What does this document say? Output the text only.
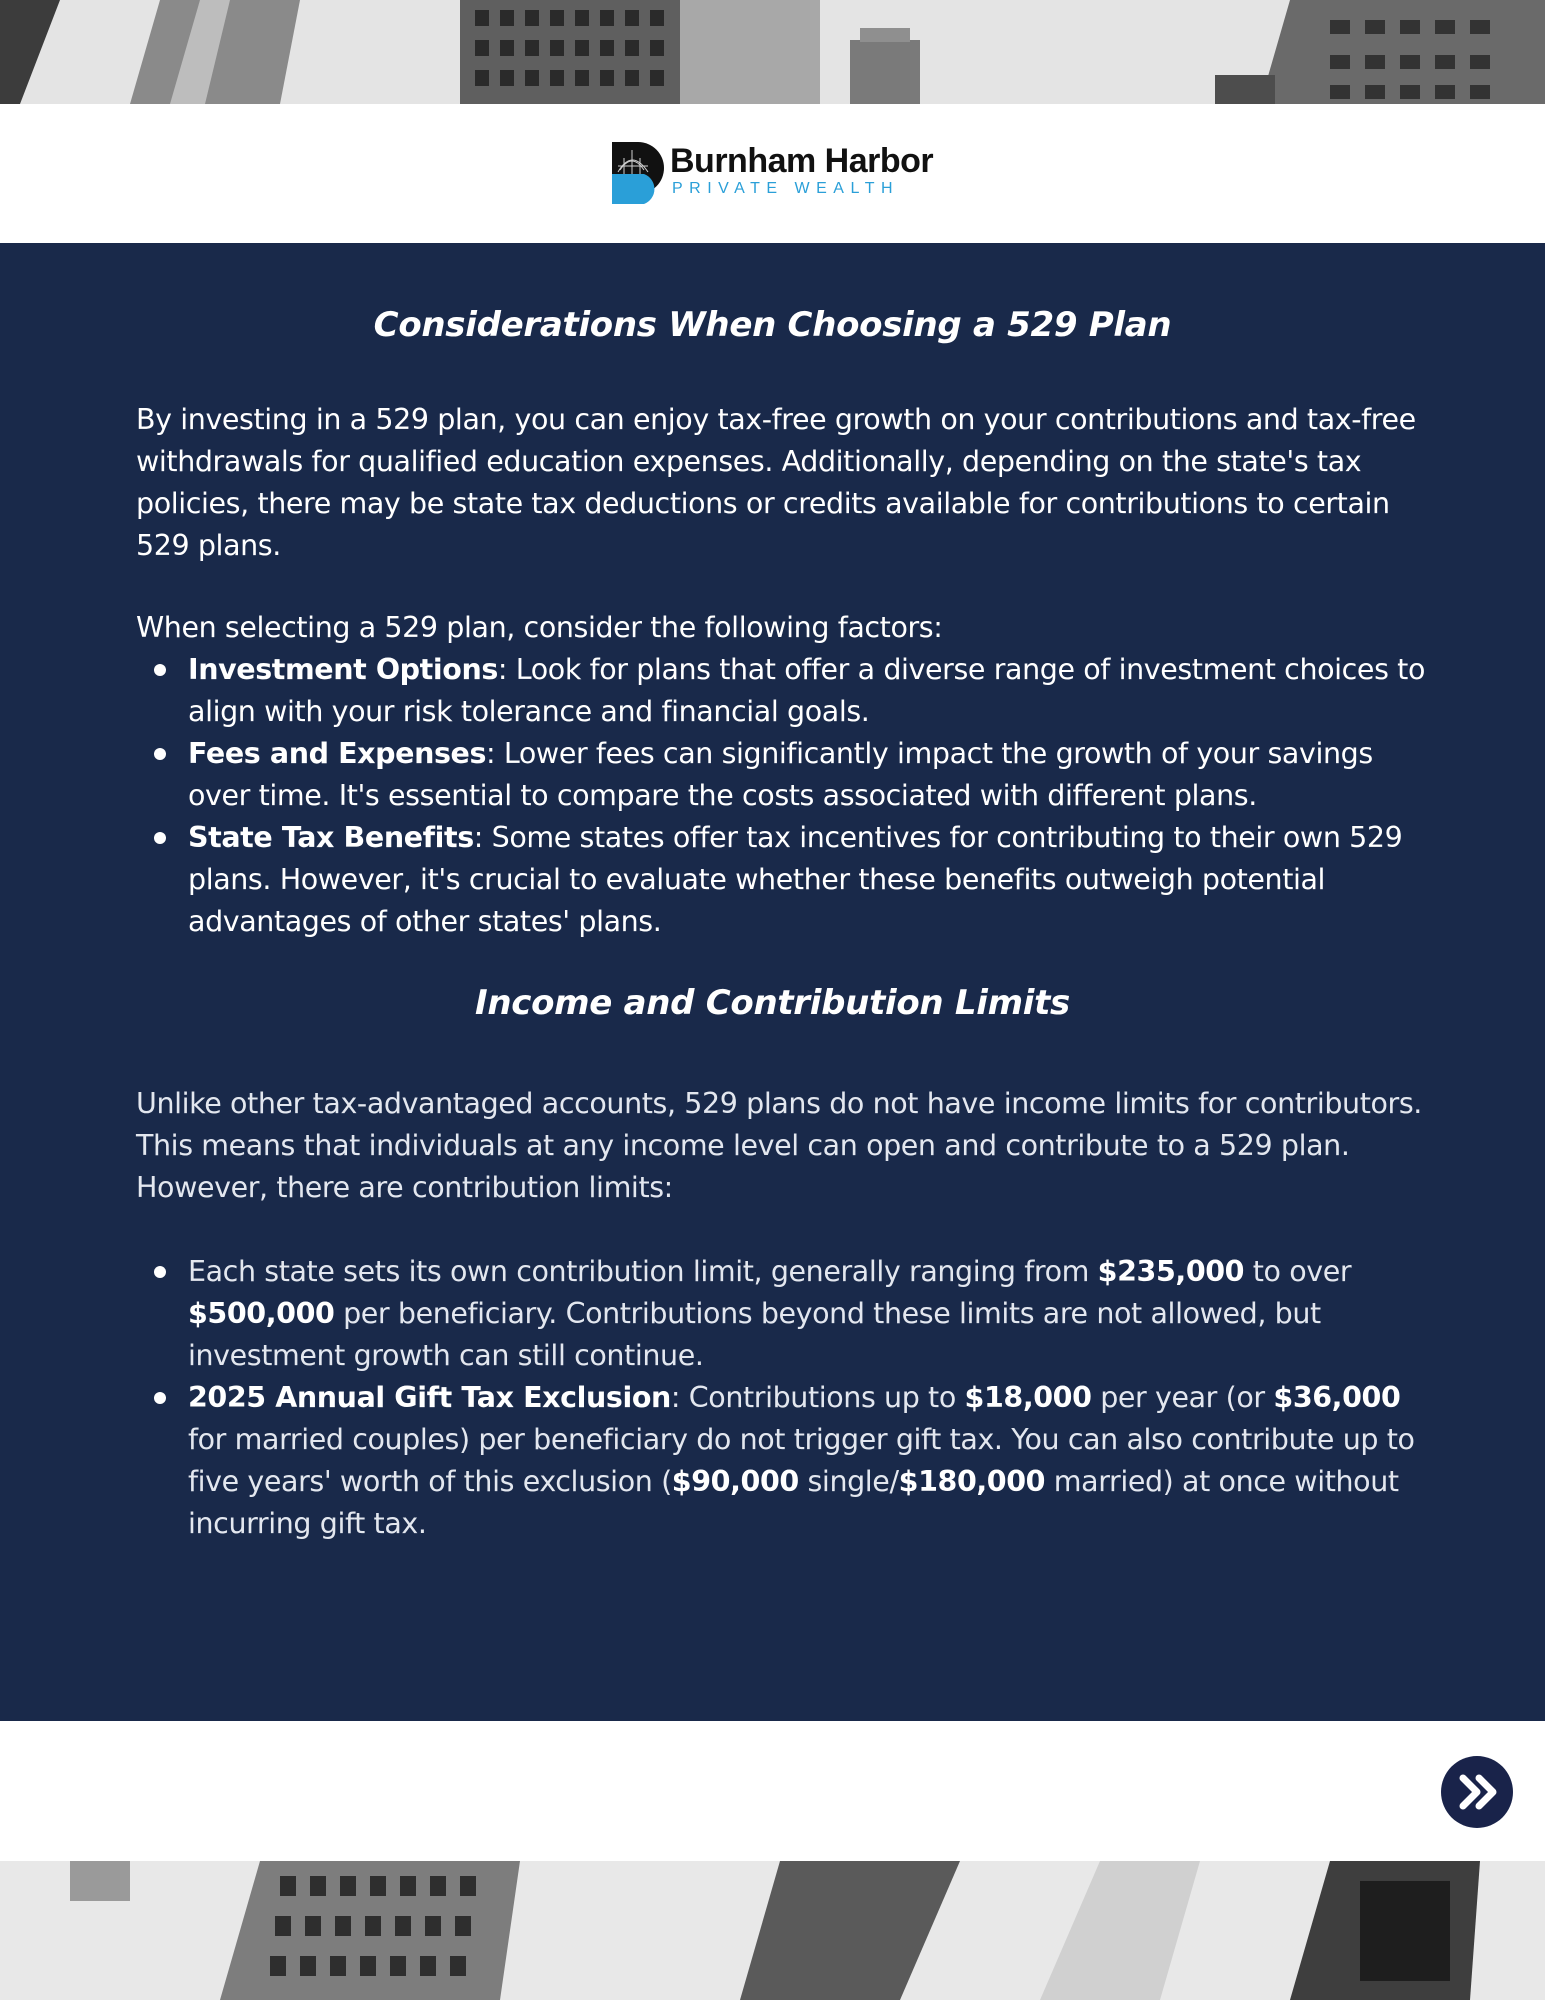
Burnham Harbor
PRIVATE WEALTH
Considerations When Choosing a 529 Plan

By investing in a 529 plan, you can enjoy tax-free growth on your contributions and tax-free withdrawals for qualified education expenses. Additionally, depending on the state's tax policies, there may be state tax deductions or credits available for contributions to certain 529 plans.

When selecting a 529 plan, consider the following factors:

Investment Options: Look for plans that offer a diverse range of investment choices to align with your risk tolerance and financial goals.
Fees and Expenses: Lower fees can significantly impact the growth of your savings over time. It's essential to compare the costs associated with different plans.
State Tax Benefits: Some states offer tax incentives for contributing to their own 529 plans. However, it's crucial to evaluate whether these benefits outweigh potential advantages of other states' plans.
Income and Contribution Limits

Unlike other tax-advantaged accounts, 529 plans do not have income limits for contributors. This means that individuals at any income level can open and contribute to a 529 plan. However, there are contribution limits:

Each state sets its own contribution limit, generally ranging from $235,000 to over $500,000 per beneficiary. Contributions beyond these limits are not allowed, but investment growth can still continue.
2025 Annual Gift Tax Exclusion: Contributions up to $18,000 per year (or $36,000 for married couples) per beneficiary do not trigger gift tax. You can also contribute up to five years' worth of this exclusion ($90,000 single/$180,000 married) at once without incurring gift tax.
